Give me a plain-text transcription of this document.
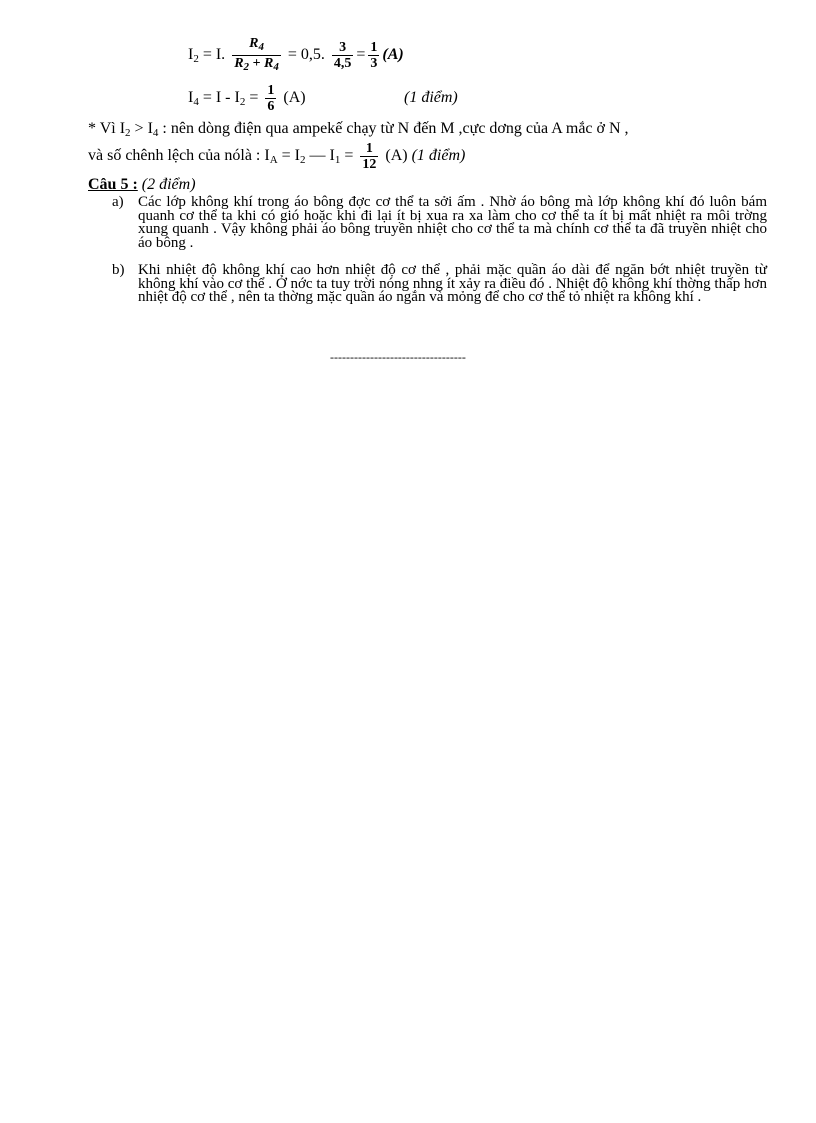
$I_2 = I$. $\frac{R_4}{R_2 + R_4} = 0,5$. $\frac{3}{4,5} = \frac{1}{3} (A)$
$I_4 = I - I_2 = \frac{1}{6} (A)$	(1 điểm)
* Vì $I_2 > I_4$ : nên dòng điện qua ampekế chạy từ N đến M ,cực dơng của A mắc ở N ,
và số chênh lệch của nólà : $I_A = I_2$ — $I_1 = \frac{1}{12} (A)$ (1 điểm)
Câu 5 : (2 điểm)
a) Các lớp không khí trong áo bông đợc cơ thể ta sởi ấm . Nhờ áo bông mà lớp không khí đó luôn bám quanh cơ thể ta khi có gió hoặc khi đi lại ít bị xua ra xa làm cho cơ thể ta ít bị mất nhiệt ra môi trờng xung quanh . Vậy không phải áo bông truyền nhiệt cho cơ thể ta mà chính cơ thể ta đã truyền nhiệt cho áo bông .
b) Khi nhiệt độ không khí cao hơn nhiệt độ cơ thể , phải mặc quần áo dài để ngăn bớt nhiệt truyền từ không khí vào cơ thể . Ở nớc ta tuy trời nóng nhng ít xảy ra điều đó . Nhiệt độ không khí thờng thấp hơn nhiệt độ cơ thể , nên ta thờng mặc quần áo ngắn và mỏng để cho cơ thể tỏ nhiệt ra không khí .
----------------------------------
